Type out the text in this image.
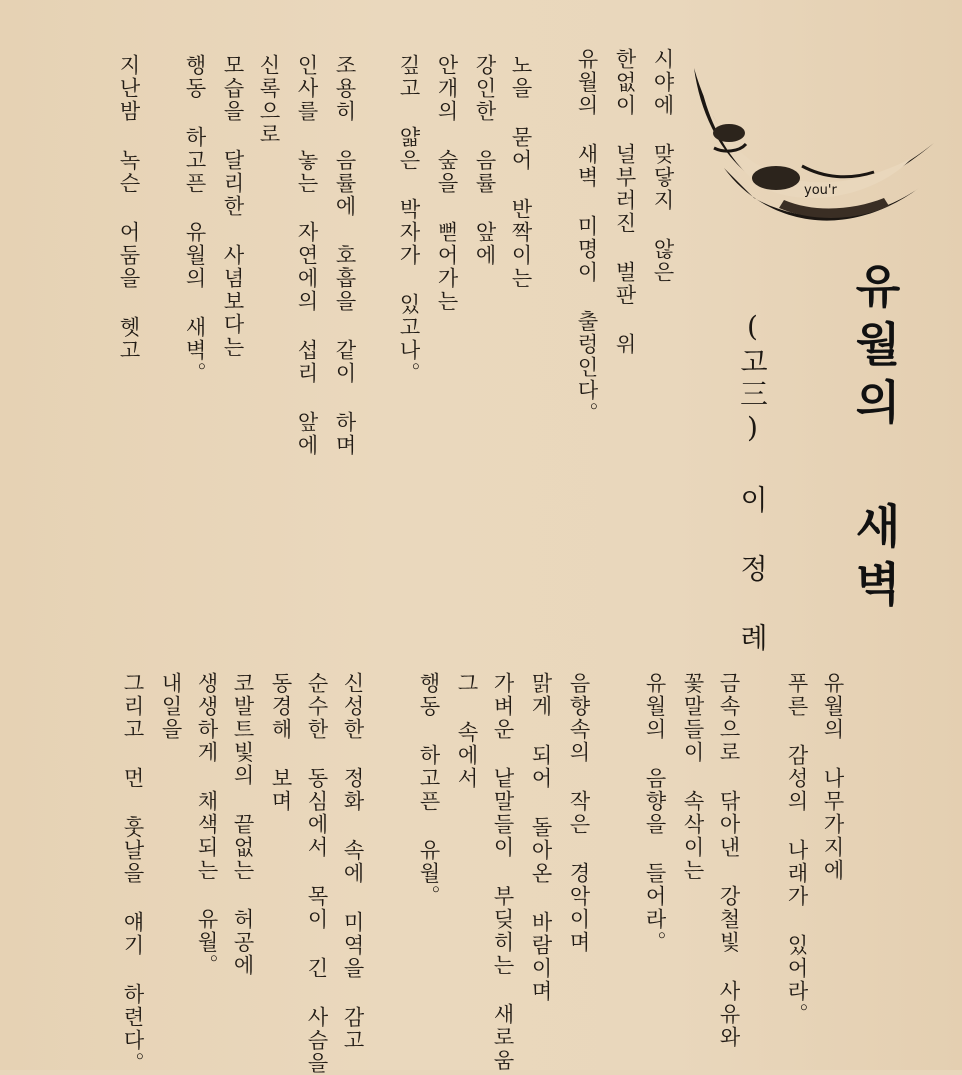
you'r
유월의 새벽
(고三) 이 정 례
시야에 맞닿지 않은
한없이 널부러진 벌판 위
유월의 새벽 미명이 출렁인다。
노을 묻어 반짝이는
강인한 음률 앞에
안개의 숲을 뻗어가는
깊고 얇은 박자가 있고나。
조용히 음률에 호흡을 같이 하며
인사를 놓는 자연에의 섭리 앞에
신록으로
모습을 달리한 사념보다는
행동 하고픈 유월의 새벽。
지난밤 녹슨 어둠을 헷고
유월의 나무가지에
푸른 감성의 나래가 있어라。
금속으로 닦아낸 강철빛 사유와
꽃말들이 속삭이는
유월의 음향을 들어라。
음향속의 작은 경악이며
맑게 되어 돌아온 바람이며
가벼운 낱말들이 부딪히는 새로움
그 속에서
행동 하고픈 유월。
신성한 정화 속에 미역을 감고
순수한 동심에서 목이 긴 사슴을
동경해 보며
코발트빛의 끝없는 허공에
생생하게 채색되는 유월。
내일을
그리고 먼 훗날을 얘기 하련다。
